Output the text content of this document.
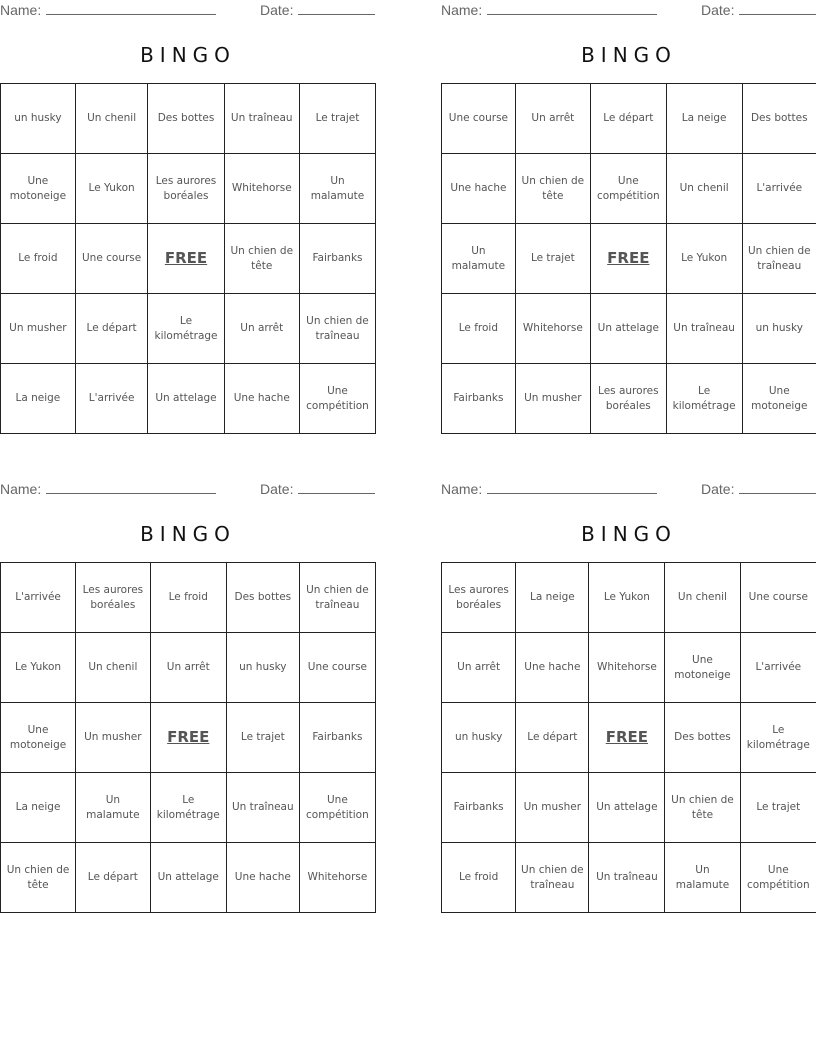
Name:	Date:
BINGO
un husky	Un chenil	Des bottes	Un traîneau	Le trajet
Une motoneige	Le Yukon	Les aurores boréales	Whitehorse	Un malamute
Le froid	Une course	FREE	Un chien de tête	Fairbanks
Un musher	Le départ	Le kilométrage	Un arrêt	Un chien de traîneau
La neige	L'arrivée	Un attelage	Une hache	Une compétition
Name:	Date:
BINGO
Une course	Un arrêt	Le départ	La neige	Des bottes
Une hache	Un chien de tête	Une compétition	Un chenil	L'arrivée
Un malamute	Le trajet	FREE	Le Yukon	Un chien de traîneau
Le froid	Whitehorse	Un attelage	Un traîneau	un husky
Fairbanks	Un musher	Les aurores boréales	Le kilométrage	Une motoneige
Name:	Date:
BINGO
L'arrivée	Les aurores boréales	Le froid	Des bottes	Un chien de traîneau
Le Yukon	Un chenil	Un arrêt	un husky	Une course
Une motoneige	Un musher	FREE	Le trajet	Fairbanks
La neige	Un malamute	Le kilométrage	Un traîneau	Une compétition
Un chien de tête	Le départ	Un attelage	Une hache	Whitehorse
Name:	Date:
BINGO
Les aurores boréales	La neige	Le Yukon	Un chenil	Une course
Un arrêt	Une hache	Whitehorse	Une motoneige	L'arrivée
un husky	Le départ	FREE	Des bottes	Le kilométrage
Fairbanks	Un musher	Un attelage	Un chien de tête	Le trajet
Le froid	Un chien de traîneau	Un traîneau	Un malamute	Une compétition
